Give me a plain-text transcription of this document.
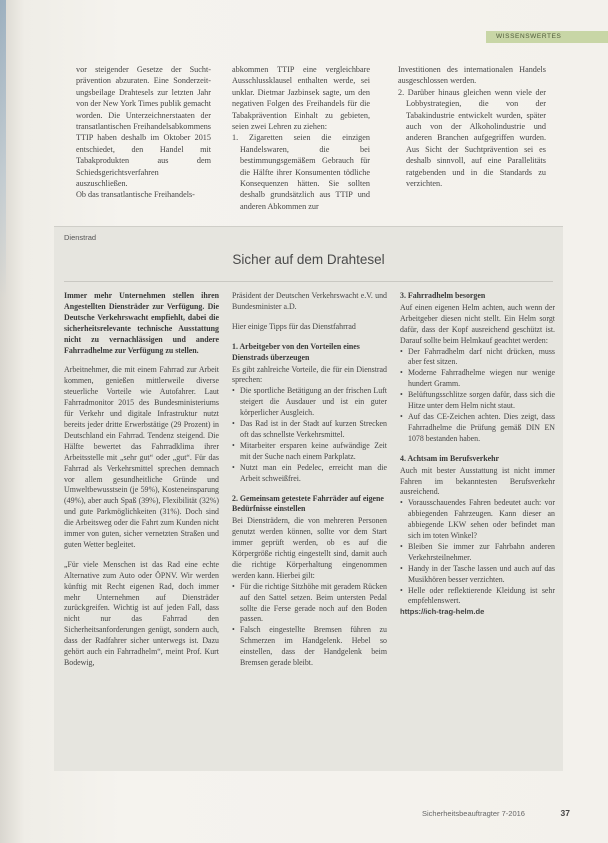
WISSENSWERTES

vor steigender Gesetze der Suchtprävention abzuraten. Eine Sonderzeit-ungsbeilage Drahtesels zur letzten Jahr von der New York Times publik gemacht worden. Die Unterzeichnerstaaten der transatlantischen Freihandelsabkommens TTIP haben deshalb im Oktober 2015 entschiedet, den Handel mit Tabakprodukten aus dem Schiedsgerichtsverfahren auszuschließen.

Ob das transatlantische Freihandels-

abkommen TTIP eine vergleichbare Ausschlussklausel enthalten werde, sei unklar. Dietmar Jazbinsek sagte, um den negativen Folgen des Freihandels für die Tabakprävention Einhalt zu gebieten, seien zwei Lehren zu ziehen:

1. Zigaretten seien die einzigen Handelswaren, die bei bestimmungsgemäßem Gebrauch für die Hälfte ihrer Konsumenten tödliche Konsequenzen hätten. Sie sollten deshalb grundsätzlich aus TTIP und anderen Abkommen zur

Investitionen des internationalen Handels ausgeschlossen werden.

2. Darüber hinaus gleichen wenn viele der Lobbystrategien, die von der Tabakindustrie entwickelt wurden, später auch von der Alkoholindustrie und anderen Branchen aufgegriffen wurden. Aus Sicht der Suchtprävention sei es deshalb sinnvoll, auf eine Parallelitäts ratgebenden und in die Standards zu verzichten.

Dienstrad
Sicher auf dem Drahtesel

Immer mehr Unternehmen stellen ihren Angestellten Diensträder zur Verfügung. Die Deutsche Verkehrswacht empfiehlt, dabei die sicherheitsrelevante technische Ausstattung nicht zu vernachlässigen und andere Fahrradhelme zur Verfügung zu stellen.

Arbeitnehmer, die mit einem Fahrrad zur Arbeit kommen, genießen mittlerweile diverse steuerliche Vorteile wie Autofahrer. Laut Fahrradmonitor 2015 des Bundesministeriums für Verkehr und digitale Infrastruktur nutzt bereits jeder dritte Erwerbstätige (29 Prozent) in Deutschland ein Fahrrad. Tendenz steigend. Die Hälfte bewertet das Fahrradklima ihrer Arbeitsstelle mit „sehr gut“ oder „gut“. Für das Fahrrad als Verkehrsmittel sprechen demnach vor allem gesundheitliche Gründe und Umweltbewusstsein (je 59%), Kosteneinsparung (49%), aber auch Spaß (39%), Flexibilität (32%) und gute Parkmöglichkeiten (31%). Doch sind die Arbeitsweg oder die Fahrt zum Kunden nicht immer von guten, sicher vernetzten Straßen und guten Wetter begleitet.

„Für viele Menschen ist das Rad eine echte Alternative zum Auto oder ÖPNV. Wir werden künftig mit Recht eigenen Rad, doch immer mehr Unternehmen auf Diensträder zurückgreifen. Wichtig ist auf jeden Fall, dass nicht nur das Fahrrad den Sicherheitsanforderungen genügt, sondern auch, dass der Radfahrer sicher unterwegs ist. Dazu gehört auch ein Fahrradhelm“, meint Prof. Kurt Bodewig,

Präsident der Deutschen Verkehrswacht e.V. und Bundesminister a.D.

Hier einige Tipps für das Dienstfahrrad

1. Arbeitgeber von den Vorteilen eines Dienstrads überzeugen

Es gibt zahlreiche Vorteile, die für ein Dienstrad sprechen:

• Die sportliche Betätigung an der frischen Luft steigert die Ausdauer und ist ein guter körperlicher Ausgleich.
• Das Rad ist in der Stadt auf kurzen Strecken oft das schnellste Verkehrsmittel.
• Mitarbeiter ersparen keine aufwändige Zeit mit der Suche nach einem Parkplatz.
• Nutzt man ein Pedelec, erreicht man die Arbeit schweißfrei.
2. Gemeinsam getestete Fahrräder auf eigene Bedürfnisse einstellen

Bei Diensträdern, die von mehreren Personen genutzt werden können, sollte vor dem Start immer geprüft werden, ob es auf die Körpergröße richtig eingestellt sind, damit auch die richtige Körperhaltung eingenommen werden kann. Hierbei gilt:

• Für die richtige Sitzhöhe mit geradem Rücken auf den Sattel setzen. Beim untersten Pedal sollte die Ferse gerade noch auf den Boden passen.
• Falsch eingestellte Bremsen führen zu Schmerzen im Handgelenk. Hebel so einstellen, dass der Handgelenk beim Bremsen gerade bleibt.
3. Fahrradhelm besorgen

Auf einen eigenen Helm achten, auch wenn der Arbeitgeber diesen nicht stellt. Ein Helm sorgt dafür, dass der Kopf ausreichend geschützt ist. Darauf sollte beim Helmkauf geachtet werden:

• Der Fahrradhelm darf nicht drücken, muss aber fest sitzen.
• Moderne Fahrradhelme wiegen nur wenige hundert Gramm.
• Belüftungsschlitze sorgen dafür, dass sich die Hitze unter dem Helm nicht staut.
• Auf das CE-Zeichen achten. Dies zeigt, dass Fahrradhelme die Prüfung gemäß DIN EN 1078 bestanden haben.
4. Achtsam im Berufsverkehr

Auch mit bester Ausstattung ist nicht immer Fahren im bekanntesten Berufsverkehr ausreichend.

• Vorausschauendes Fahren bedeutet auch: vor abbiegenden Fahrzeugen. Kann dieser an abbiegende LKW sehen oder befindet man sich im toten Winkel?
• Bleiben Sie immer zur Fahrbahn anderen Verkehrsteilnehmer.
• Handy in der Tasche lassen und auch auf das Musikhören besser verzichten.
• Helle oder reflektierende Kleidung ist sehr empfehlenswert.
https://ich-trag-helm.de
Sicherheitsbeauftragter 7-2016	37
